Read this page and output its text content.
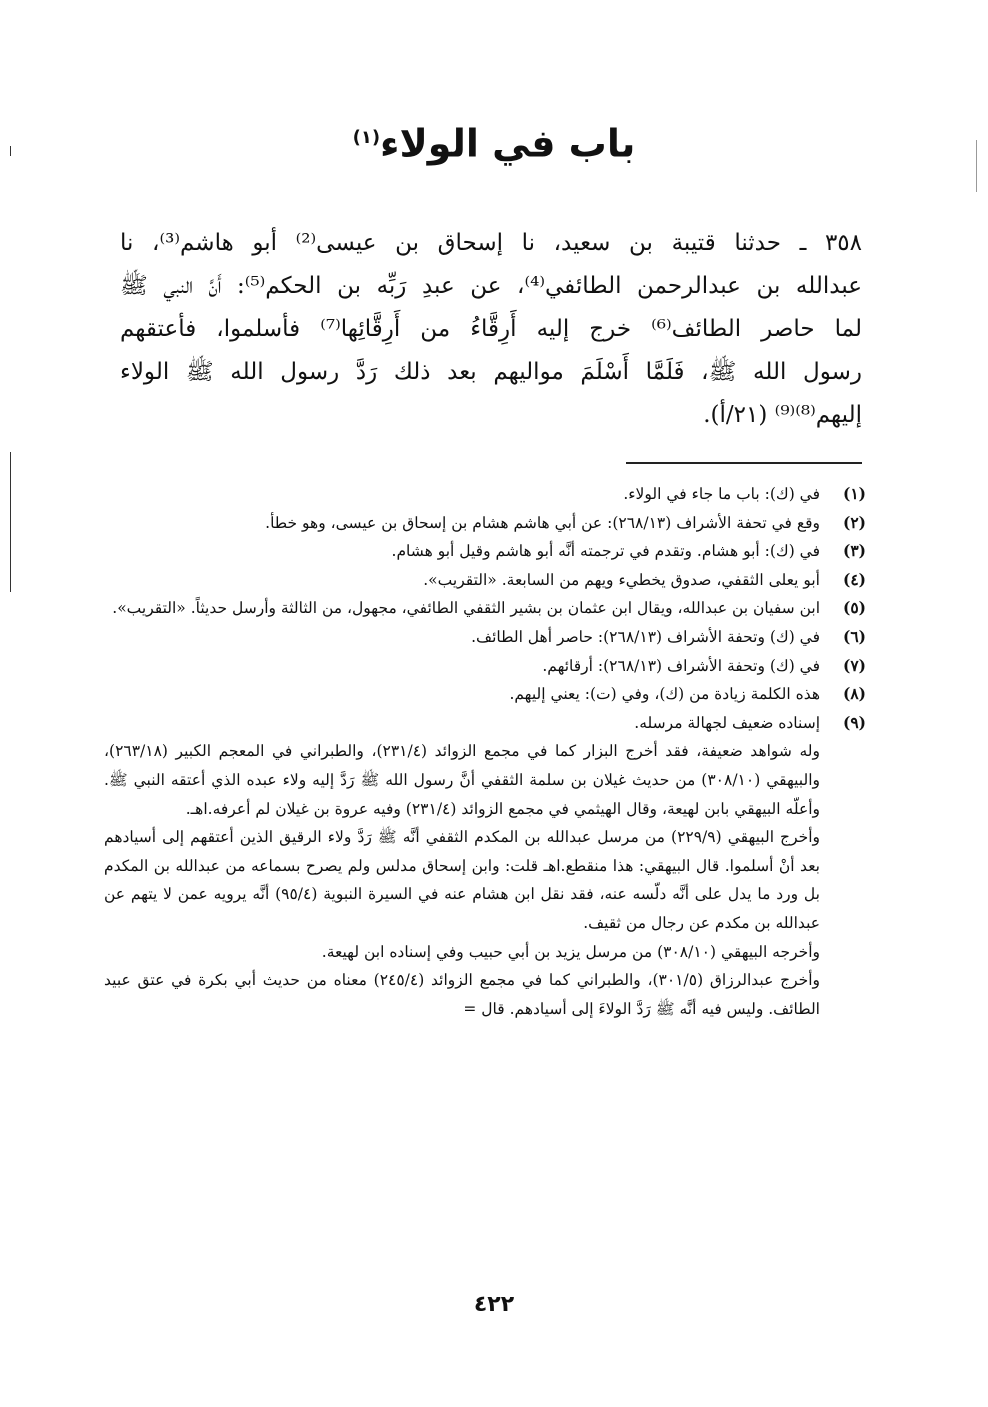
باب في الولاء$^{(١)}$
٣٥٨ ـ حدثنا قتيبة بن سعيد، نا إسحاق بن عيسى⁽²⁾ أبو هاشم⁽³⁾، نا
عبدالله بن عبدالرحمن الطائفي⁽⁴⁾، عن عبدِ رَبِّه بن الحكم⁽⁵⁾: أَنَّ النبي ﷺ
لما حاصر الطائف⁽⁶⁾ خرج إليه أَرِقَّاءُ من أَرِقَّائِها⁽⁷⁾ فأسلموا، فأعتقهم
رسول الله ﷺ، فَلَمَّا أَسْلَمَ مواليهم بعد ذلك رَدَّ رسول الله ﷺ الولاء
إليهم⁽⁸⁾⁽⁹⁾ (٢١/أ).
(١)
في (ك): باب ما جاء في الولاء.
(٢)
وقع في تحفة الأشراف (٢٦٨/١٣): عن أبي هاشم هشام بن إسحاق بن عيسى، وهو خطأ.
(٣)
في (ك): أبو هشام. وتقدم في ترجمته أنَّه أبو هاشم وقيل أبو هشام.
(٤)
أبو يعلى الثقفي، صدوق يخطيء ويهم من السابعة. «التقريب».
(٥)
ابن سفيان بن عبدالله، ويقال ابن عثمان بن بشير الثقفي الطائفي، مجهول، من الثالثة وأرسل حديثاً. «التقريب».
(٦)
في (ك) وتحفة الأشراف (٢٦٨/١٣): حاصر أهل الطائف.
(٧)
في (ك) وتحفة الأشراف (٢٦٨/١٣): أرقائهم.
(٨)
هذه الكلمة زيادة من (ك)، وفي (ت): يعني إليهم.
(٩)
إسناده ضعيف لجهالة مرسله.
وله شواهد ضعيفة، فقد أخرج البزار كما في مجمع الزوائد (٢٣١/٤)، والطبراني في المعجم الكبير (٢٦٣/١٨)، والبيهقي (٣٠٨/١٠) من حديث غيلان بن سلمة الثقفي أنَّ رسول الله ﷺ رَدَّ إليه ولاء عبده الذي أعتقه النبي ﷺ. وأعلّه البيهقي بابن لهيعة، وقال الهيثمي في مجمع الزوائد (٢٣١/٤) وفيه عروة بن غيلان لم أعرفه.اهـ.
وأخرج البيهقي (٢٢٩/٩) من مرسل عبدالله بن المكدم الثقفي أنَّه ﷺ رَدَّ ولاء الرقيق الذين أعتقهم إلى أسيادهم بعد أنْ أسلموا. قال البيهقي: هذا منقطع.اهـ قلت: وابن إسحاق مدلس ولم يصرح بسماعه من عبدالله بن المكدم بل ورد ما يدل على أنَّه دلّسه عنه، فقد نقل ابن هشام عنه في السيرة النبوية (٩٥/٤) أنَّه يرويه عمن لا يتهم عن عبدالله بن مكدم عن رجال من ثقيف.
وأخرجه البيهقي (٣٠٨/١٠) من مرسل يزيد بن أبي حبيب وفي إسناده ابن لهيعة.
وأخرج عبدالرزاق (٣٠١/٥)، والطبراني كما في مجمع الزوائد (٢٤٥/٤) معناه من حديث أبي بكرة في عتق عبيد الطائف. وليس فيه أنَّه ﷺ رَدَّ الولاءَ إلى أسيادهم. قال =
٤٢٢
